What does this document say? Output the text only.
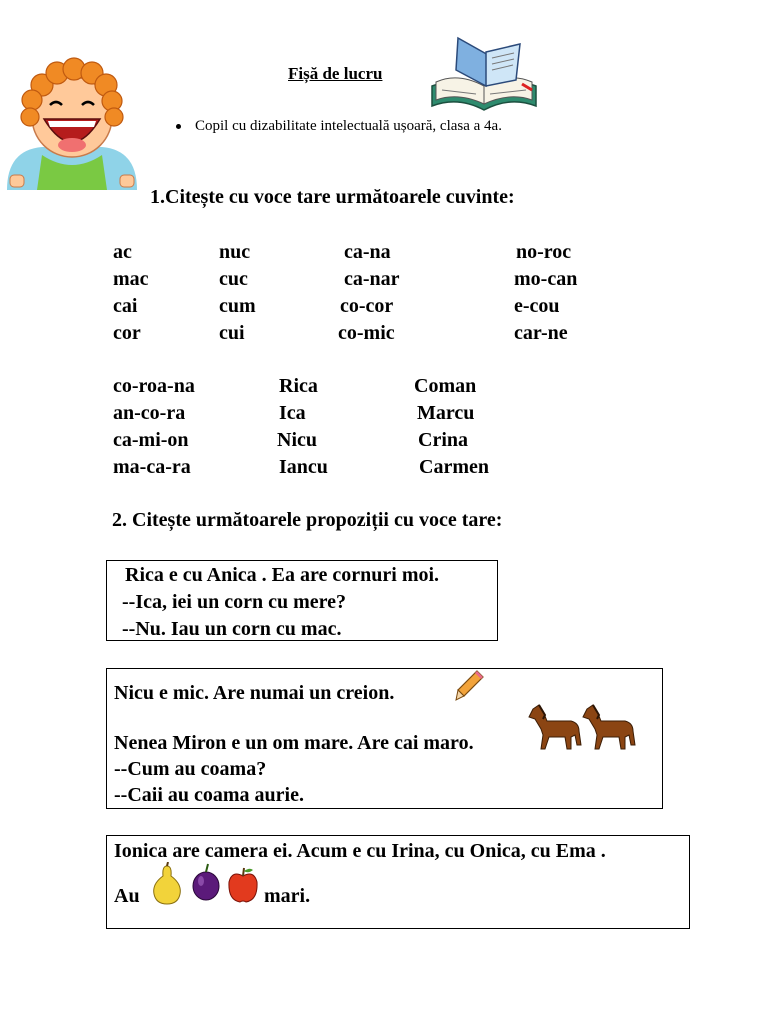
Fișă de lucru
Copil cu dizabilitate intelectuală ușoară, clasa a 4a.
1.Citește cu voce tare următoarele cuvinte:
ac
mac
cai
cor
nuc
cuc
cum
cui
ca-na
ca-nar
co-cor
co-mic
no-roc
mo-can
e-cou
car-ne
co-roa-na
an-co-ra
ca-mi-on
ma-ca-ra
Rica
Ica
Nicu
Iancu
Coman
Marcu
Crina
Carmen
2. Citește următoarele propoziții cu voce tare:
Rica e cu Anica . Ea are cornuri moi.
--Ica, iei un corn cu mere?
--Nu. Iau un corn cu mac.
Nicu e mic. Are numai un creion.
Nenea Miron e un om mare. Are cai maro.
--Cum au coama?
--Caii au coama aurie.
Ionica are camera ei. Acum e cu Irina, cu Onica, cu Ema .
Au	mari.
